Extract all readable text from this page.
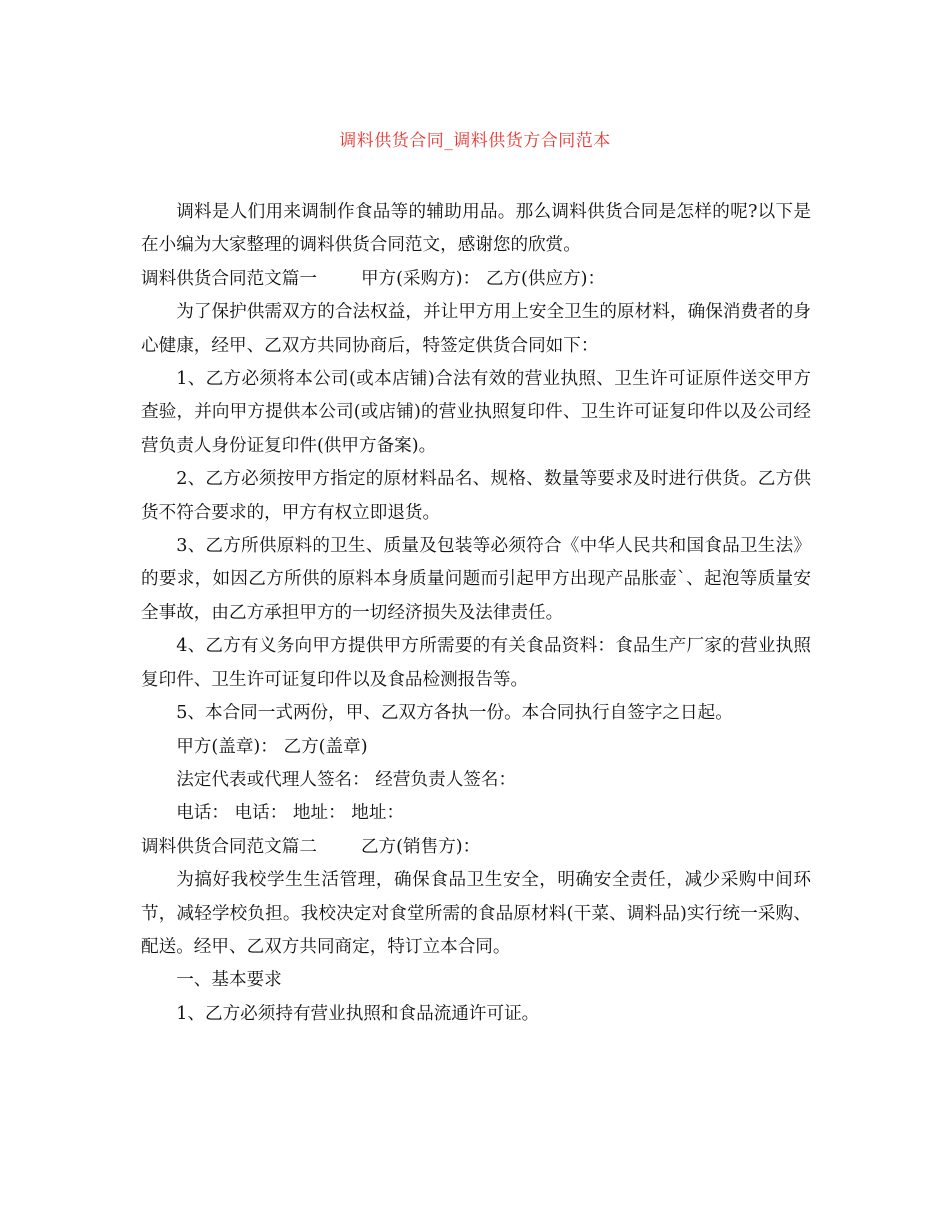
调料供货合同_调料供货方合同范本

调料是人们用来调制作食品等的辅助用品。那么调料供货合同是怎样的呢?以下是在小编为大家整理的调料供货合同范文，感谢您的欣赏。

调料供货合同范文篇一	甲方(采购方)： 乙方(供应方)：

为了保护供需双方的合法权益，并让甲方用上安全卫生的原材料，确保消费者的身心健康，经甲、乙双方共同协商后，特签定供货合同如下：

1、乙方必须将本公司(或本店铺)合法有效的营业执照、卫生许可证原件送交甲方查验，并向甲方提供本公司(或店铺)的营业执照复印件、卫生许可证复印件以及公司经营负责人身份证复印件(供甲方备案)。

2、乙方必须按甲方指定的原材料品名、规格、数量等要求及时进行供货。乙方供货不符合要求的，甲方有权立即退货。

3、乙方所供原料的卫生、质量及包装等必须符合《中华人民共和国食品卫生法》的要求，如因乙方所供的原料本身质量问题而引起甲方出现产品胀壶`、起泡等质量安全事故，由乙方承担甲方的一切经济损失及法律责任。

4、乙方有义务向甲方提供甲方所需要的有关食品资料：食品生产厂家的营业执照复印件、卫生许可证复印件以及食品检测报告等。

5、本合同一式两份，甲、乙双方各执一份。本合同执行自签字之日起。

甲方(盖章)： 乙方(盖章)

法定代表或代理人签名： 经营负责人签名：

电话： 电话： 地址： 地址：

调料供货合同范文篇二	乙方(销售方)：

为搞好我校学生生活管理，确保食品卫生安全，明确安全责任，减少采购中间环节，减轻学校负担。我校决定对食堂所需的食品原材料(干菜、调料品)实行统一采购、配送。经甲、乙双方共同商定，特订立本合同。

一、基本要求

1、乙方必须持有营业执照和食品流通许可证。
